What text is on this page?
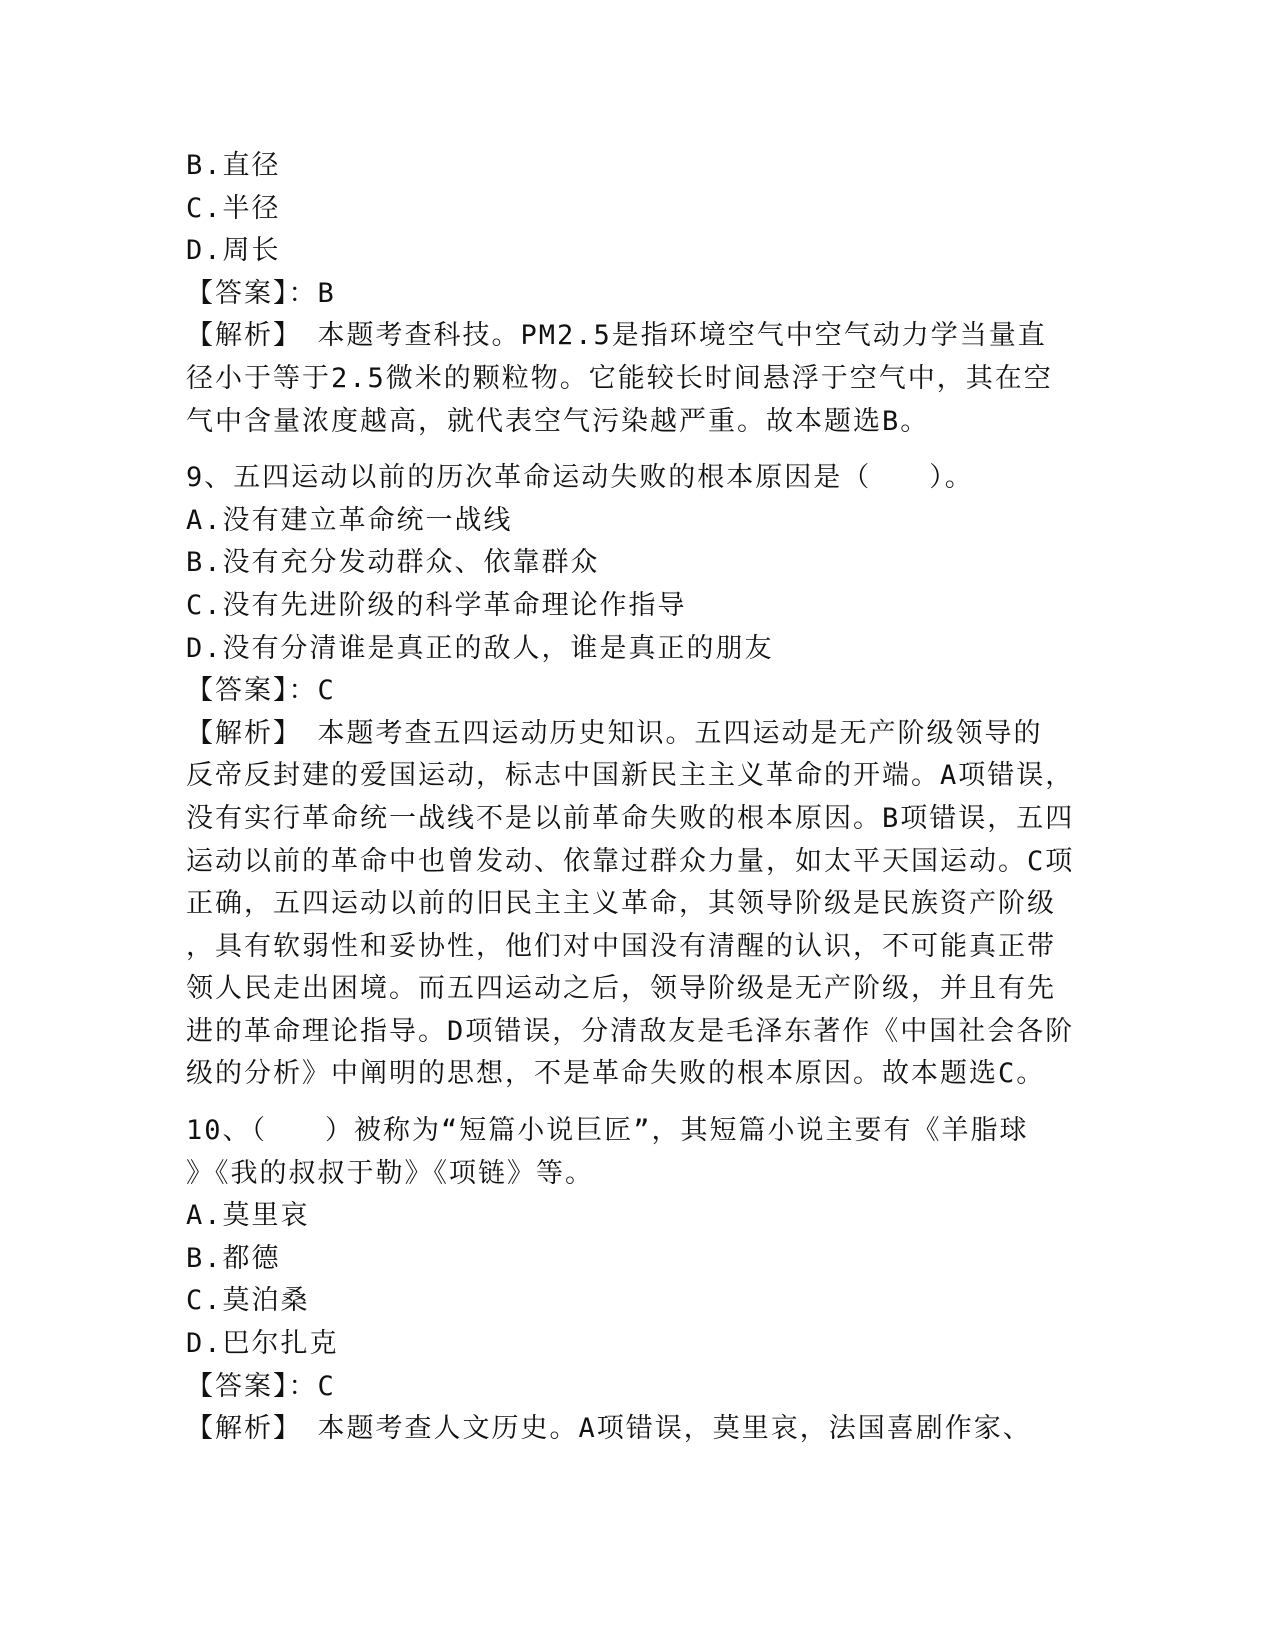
B.直径
C.半径
D.周长
【答案】：B
【解析】　本题考查科技。PM2.5是指环境空气中空气动力学当量直
径小于等于2.5微米的颗粒物。它能较长时间悬浮于空气中，其在空
气中含量浓度越高，就代表空气污染越严重。故本题选B。
9、五四运动以前的历次革命运动失败的根本原因是（　　）。
A.没有建立革命统一战线
B.没有充分发动群众、依靠群众
C.没有先进阶级的科学革命理论作指导
D.没有分清谁是真正的敌人，谁是真正的朋友
【答案】：C
【解析】　本题考查五四运动历史知识。五四运动是无产阶级领导的
反帝反封建的爱国运动，标志中国新民主主义革命的开端。A项错误，
没有实行革命统一战线不是以前革命失败的根本原因。B项错误，五四
运动以前的革命中也曾发动、依靠过群众力量，如太平天国运动。C项
正确，五四运动以前的旧民主主义革命，其领导阶级是民族资产阶级
，具有软弱性和妥协性，他们对中国没有清醒的认识，不可能真正带
领人民走出困境。而五四运动之后，领导阶级是无产阶级，并且有先
进的革命理论指导。D项错误，分清敌友是毛泽东著作《中国社会各阶
级的分析》中阐明的思想，不是革命失败的根本原因。故本题选C。
10、（　　）被称为“短篇小说巨匠”，其短篇小说主要有《羊脂球
》《我的叔叔于勒》《项链》等。
A.莫里哀
B.都德
C.莫泊桑
D.巴尔扎克
【答案】：C
【解析】　本题考查人文历史。A项错误，莫里哀，法国喜剧作家、
